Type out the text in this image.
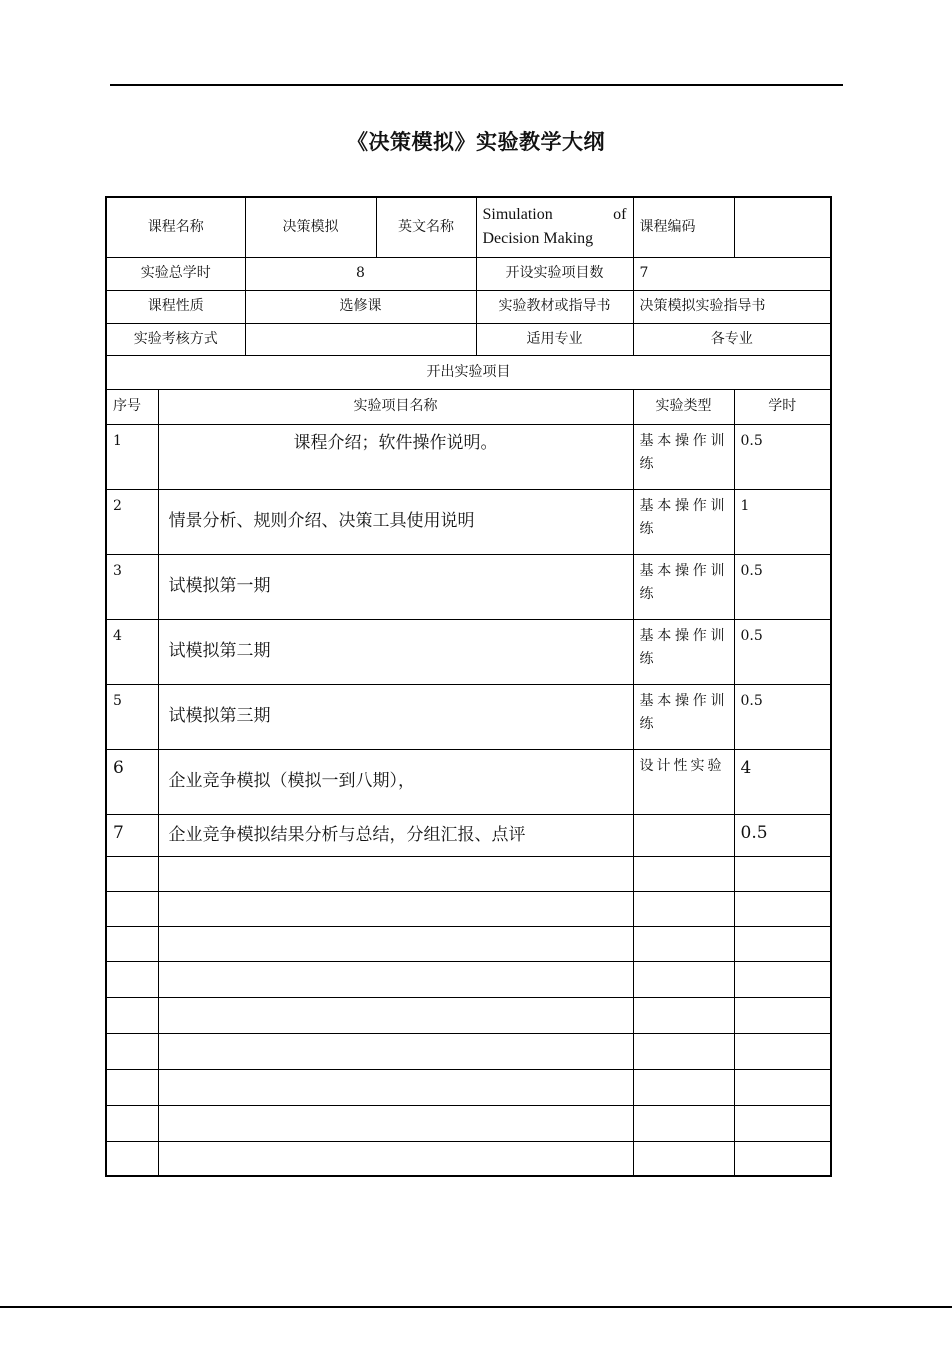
《决策模拟》实验教学大纲
课程名称		决策模拟	英文名称	Simulation of
Decision Making	课程编码	
实验总学时		8		开设实验项目数	7	
课程性质		选修课		实验教材或指导书	决策模拟实验指导书	
实验考核方式				适用专业	各专业	
开出实验项目						
序号	实验项目名称				实验类型	学时
1	课程介绍；软件操作说明。				基本操作训练	0.5
2	情景分析、规则介绍、决策工具使用说明				基本操作训练	1
3	试模拟第一期				基本操作训练	0.5
4	试模拟第二期				基本操作训练	0.5
5	试模拟第三期				基本操作训练	0.5
6	企业竞争模拟（模拟一到八期），				设计性实验	4
7	企业竞争模拟结果分析与总结，分组汇报、点评					0.5
